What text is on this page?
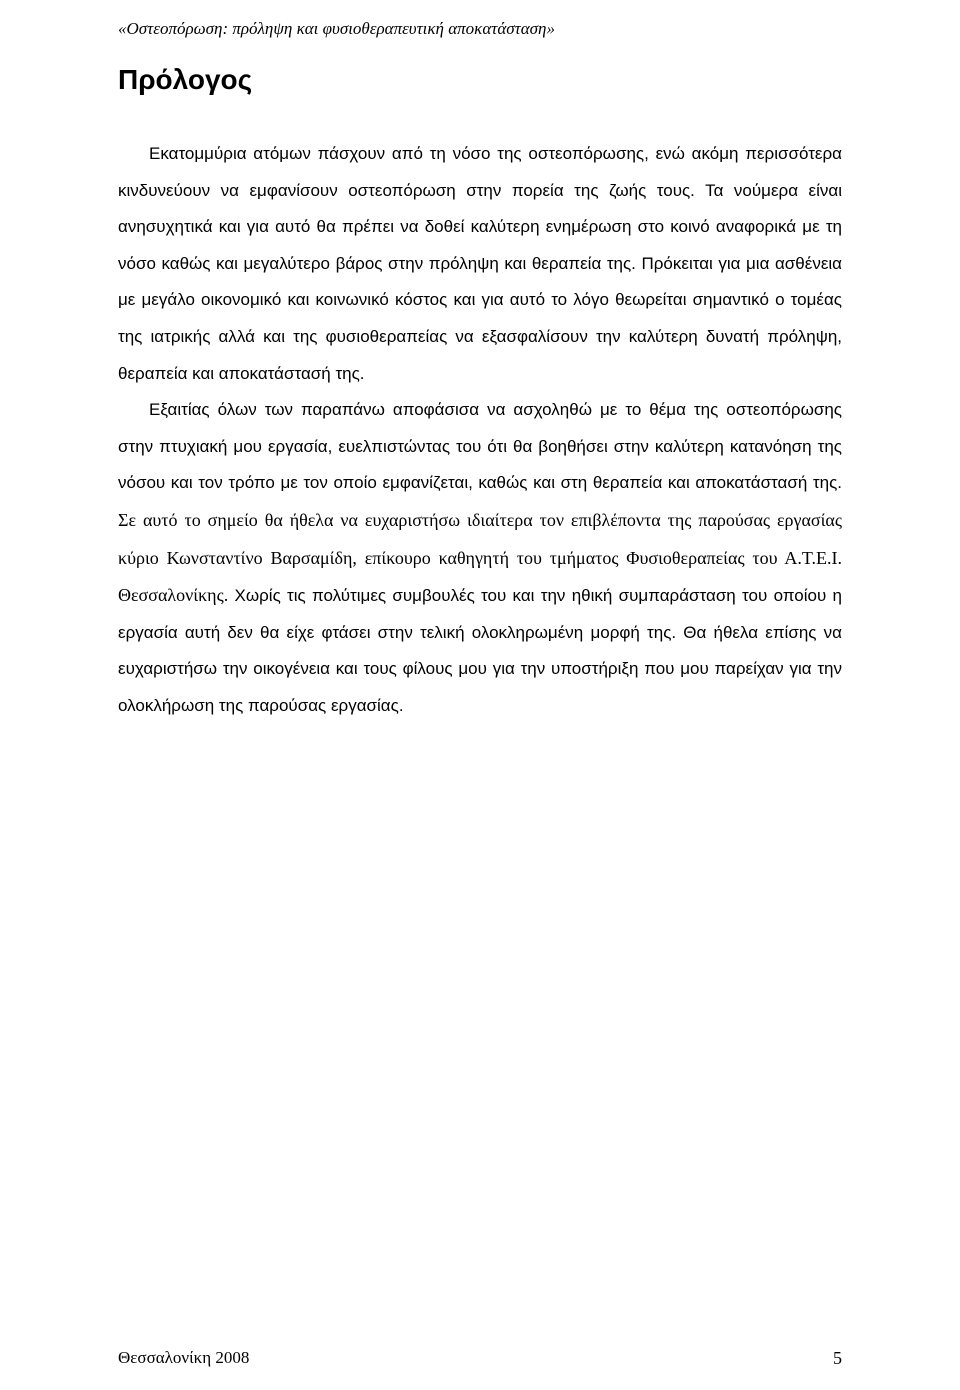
«Οστεοπόρωση: πρόληψη και φυσιοθεραπευτική αποκατάσταση»
Πρόλογος

Εκατομμύρια ατόμων πάσχουν από τη νόσο της οστεοπόρωσης, ενώ ακόμη περισσότερα κινδυνεύουν να εμφανίσουν οστεοπόρωση στην πορεία της ζωής τους. Τα νούμερα είναι ανησυχητικά και για αυτό θα πρέπει να δοθεί καλύτερη ενημέρωση στο κοινό αναφορικά με τη νόσο καθώς και μεγαλύτερο βάρος στην πρόληψη και θεραπεία της. Πρόκειται για μια ασθένεια με μεγάλο οικονομικό και κοινωνικό κόστος και για αυτό το λόγο θεωρείται σημαντικό ο τομέας της ιατρικής αλλά και της φυσιοθεραπείας να εξασφαλίσουν την καλύτερη δυνατή πρόληψη, θεραπεία και αποκατάστασή της.

Εξαιτίας όλων των παραπάνω αποφάσισα να ασχοληθώ με το θέμα της οστεοπόρωσης στην πτυχιακή μου εργασία, ευελπιστώντας του ότι θα βοηθήσει στην καλύτερη κατανόηση της νόσου και τον τρόπο με τον οποίο εμφανίζεται, καθώς και στη θεραπεία και αποκατάστασή της. Σε αυτό το σημείο θα ήθελα να ευχαριστήσω ιδιαίτερα τον επιβλέποντα της παρούσας εργασίας κύριο Κωνσταντίνο Βαρσαμίδη, επίκουρο καθηγητή του τμήματος Φυσιοθεραπείας του Α.Τ.Ε.Ι. Θεσσαλονίκης. Χωρίς τις πολύτιμες συμβουλές του και την ηθική συμπαράσταση του οποίου η εργασία αυτή δεν θα είχε φτάσει στην τελική ολοκληρωμένη μορφή της. Θα ήθελα επίσης να ευχαριστήσω την οικογένεια και τους φίλους μου για την υποστήριξη που μου παρείχαν για την ολοκλήρωση της παρούσας εργασίας.

Θεσσαλονίκη 2008	5
